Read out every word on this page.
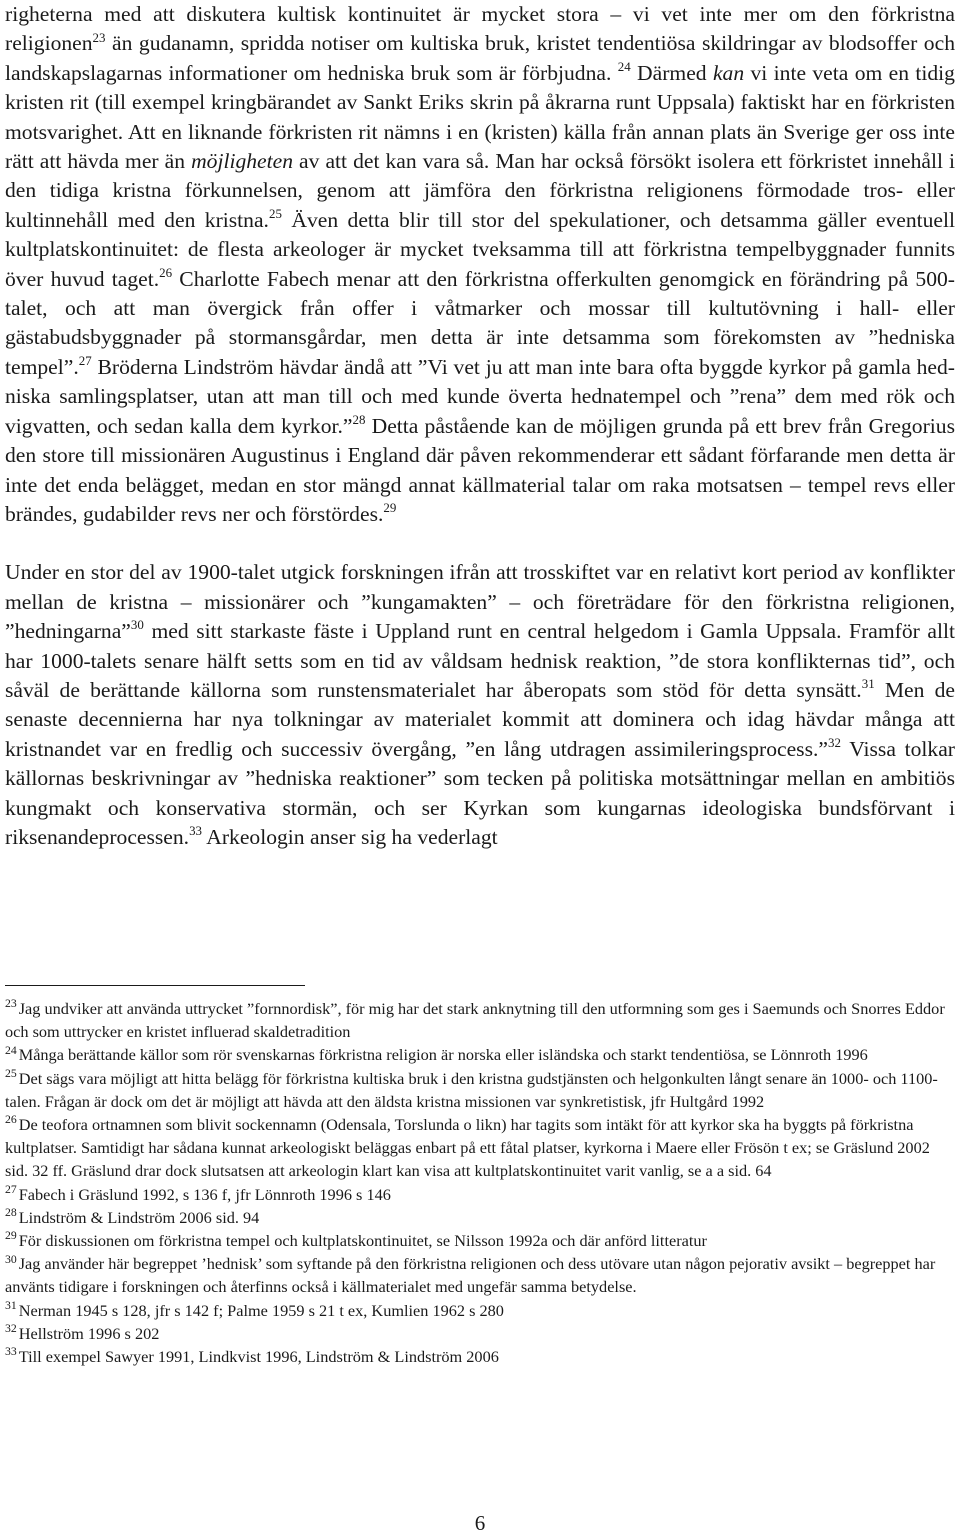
righeterna med att diskutera kultisk kontinuitet är mycket stora – vi vet inte mer om den förkristna religionen$^{23}$ än gudanamn, spridda notiser om kultiska bruk, kristet tendentiösa skildringar av blodsoffer och landskapslagarnas informationer om hedniska bruk som är förbjudna. $^{24}$ Därmed kan vi inte veta om en tidig kristen rit (till exempel kringbärandet av Sankt Eriks skrin på åkrarna runt Uppsala) faktiskt har en förkristen motsvarighet. Att en liknande förkristen rit nämns i en (kristen) källa från annan plats än Sverige ger oss inte rätt att hävda mer än möjligheten av att det kan vara så. Man har också försökt isolera ett förkristet innehåll i den tidiga kristna förkunnelsen, genom att jämföra den förkristna religionens förmodade tros- eller kultinnehåll med den kristna.$^{25}$ Även detta blir till stor del spekulationer, och detsamma gäller eventuell kultplatskontinuitet: de flesta arkeologer är mycket tveksamma till att förkristna tempelbyggnader funnits över huvud taget.$^{26}$ Charlotte Fabech menar att den förkristna offerkulten genomgick en förändring på 500-talet, och att man övergick från offer i våtmarker och mossar till kultutövning i hall- eller gästabudsbyggnader på stormansgårdar, men detta är inte detsamma som förekomsten av ”hedniska tempel”.$^{27}$ Bröderna Lindström hävdar ändå att ”Vi vet ju att man inte bara ofta byggde kyrkor på gamla hedniska samlingsplatser, utan att man till och med kunde överta hednatempel och ”rena” dem med rök och vigvatten, och sedan kalla dem kyrkor.”$^{28}$ Detta påstående kan de möjligen grunda på ett brev från Gregorius den store till missionären Augustinus i England där påven rekommenderar ett sådant förfarande men detta är inte det enda belägget, medan en stor mängd annat källmaterial talar om raka motsatsen – tempel revs eller brändes, gudabilder revs ner och förstördes.$^{29}$

Under en stor del av 1900-talet utgick forskningen ifrån att trosskiftet var en relativt kort period av konflikter mellan de kristna – missionärer och ”kungamakten” – och företrädare för den förkristna religionen, ”hedningarna”$^{30}$ med sitt starkaste fäste i Uppland runt en central helgedom i Gamla Uppsala. Framför allt har 1000-talets senare hälft setts som en tid av våldsam hednisk reaktion, ”de stora konflikternas tid”, och såväl de berättande källorna som runstensmaterialet har åberopats som stöd för detta synsätt.$^{31}$ Men de senaste decennierna har nya tolkningar av materialet kommit att dominera och idag hävdar många att kristnandet var en fredlig och successiv övergång, ”en lång utdragen assimileringsprocess.”$^{32}$ Vissa tolkar källornas beskrivningar av ”hedniska reaktioner” som tecken på politiska motsättningar mellan en ambitiös kungmakt och konservativa stormän, och ser Kyrkan som kungarnas ideologiska bundsförvant i riksenandeprocessen.$^{33}$ Arkeologin anser sig ha vederlagt

$^{23}$ Jag undviker att använda uttrycket ”fornnordisk”, för mig har det stark anknytning till den utformning som ges i Saemunds och Snorres Eddor och som uttrycker en kristet influerad skaldetradition

$^{24}$ Många berättande källor som rör svenskarnas förkristna religion är norska eller isländska och starkt tendentiösa, se Lönnroth 1996

$^{25}$ Det sägs vara möjligt att hitta belägg för förkristna kultiska bruk i den kristna gudstjänsten och helgonkulten långt senare än 1000- och 1100-talen. Frågan är dock om det är möjligt att hävda att den äldsta kristna missionen var synkretistisk, jfr Hultgård 1992

$^{26}$ De teofora ortnamnen som blivit sockennamn (Odensala, Torslunda o likn) har tagits som intäkt för att kyrkor ska ha byggts på förkristna kultplatser. Samtidigt har sådana kunnat arkeologiskt beläggas enbart på ett fåtal platser, kyrkorna i Maere eller Frösön t ex; se Gräslund 2002 sid. 32 ff. Gräslund drar dock slutsatsen att arkeologin klart kan visa att kultplatskontinuitet varit vanlig, se a a sid. 64

$^{27}$ Fabech i Gräslund 1992, s 136 f, jfr Lönnroth 1996 s 146

$^{28}$ Lindström & Lindström 2006 sid. 94

$^{29}$ För diskussionen om förkristna tempel och kultplatskontinuitet, se Nilsson 1992a och där anförd litteratur

$^{30}$ Jag använder här begreppet ’hednisk’ som syftande på den förkristna religionen och dess utövare utan någon pejorativ avsikt – begreppet har använts tidigare i forskningen och återfinns också i källmaterialet med ungefär samma betydelse.

$^{31}$ Nerman 1945 s 128, jfr s 142 f; Palme 1959 s 21 t ex, Kumlien 1962 s 280

$^{32}$ Hellström 1996 s 202

$^{33}$ Till exempel Sawyer 1991, Lindkvist 1996, Lindström & Lindström 2006

6
